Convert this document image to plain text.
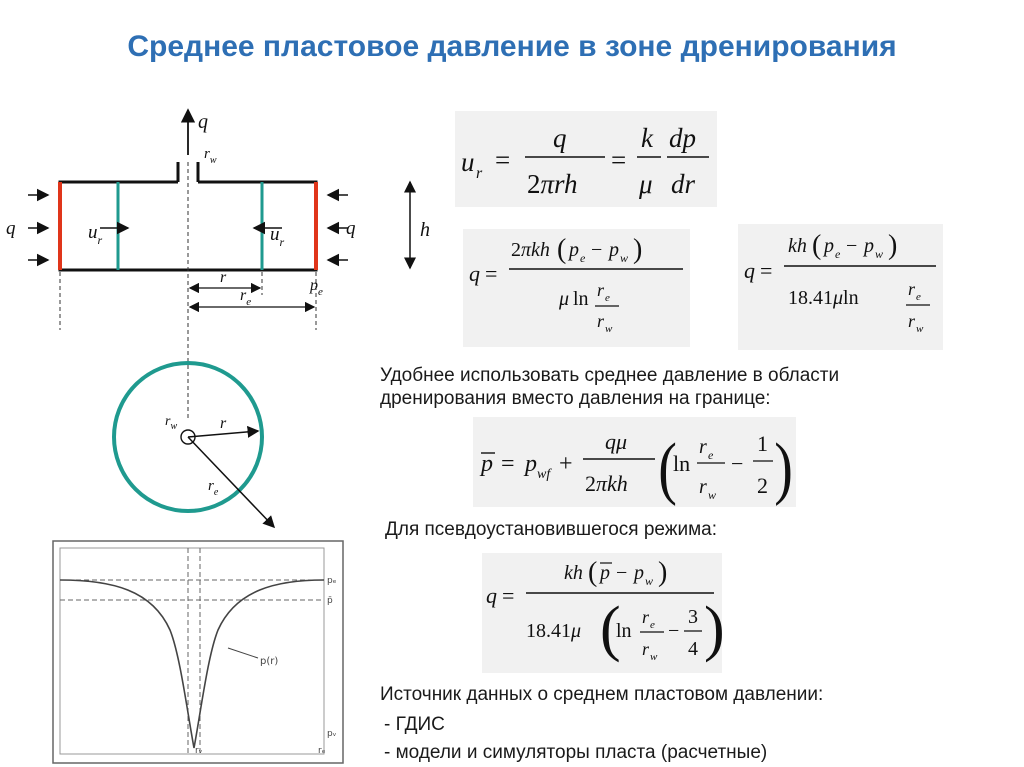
Среднее пластовое давление в зоне дренирования
q
$r_w$
$u_r$	$u_r$
q	q
r
$r_e$
$p_e$
$r_w$	r
$r_e$
h
p(r)
pₑ
p̄
pᵥ
rᵥ	rₑ
u r =
q
2πrh
=
k
μ
dp
dr
q =
2πkh ( p e − p w )
μ ln r e
r w
q =
kh ( p e − p w )
18.41μln	r e
r w
Удобнее использовать среднее давление в области
дренирования вместо давления на границе:
p = p wf +
qμ
2πkh (
ln
r e
r w
−
1
2 )
Для псевдоустановившегося режима:
q =
kh ( p − p w )
18.41μ (
ln
r e
r w
−
3
4 )
Источник данных о среднем пластовом давлении:
- ГДИС
- модели и симуляторы пласта (расчетные)
